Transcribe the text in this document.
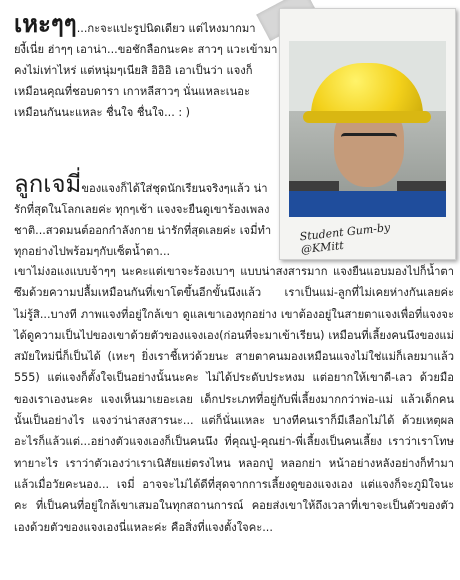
Student Gum-by
@KMitt
เหะๆๆ...กะจะแปะรูปนิดเดียว แต่ไหงมากมายงี้เนี่ย ฮ่าๆๆ เอาน่า...ขอชักลือกนะคะ สาวๆ แวะเข้ามาคงไม่เท่าไหร่ แต่หนุ่มๆเนียสิ อิอิอิ เอาเป็นว่า แจงก็เหมือนคุณที่ชอบดารา เกาหลีสาวๆ นั่นแหละเนอะ เหมือนกันนะแหละ ชื่นใจ ชื่นใจ... : )
ลูกเจมี่ของแจงก็ได้ใส่ชุดนักเรียนจริงๆแล้ว น่ารักที่สุดในโลกเลยค่ะ ทุกๆเช้า แจงจะยืนดูเขาร้องเพลงชาติ...สวดมนต์ออกกำลังกาย น่ารักที่สุดเลยค่ะ เจมี่ทำทุกอย่างไปพร้อมๆกับเซ็ตน้ำตา...
เขาไม่งอแงแบบจ้าๆๆ นะคะแต่เขาจะร้องเบาๆ แบบน่าสงสารมาก แจงยืนแอบมองไปก็น้ำตาซึมด้วยความปลื้มเหมือนกันที่เขาโตขึ้นอีกขั้นนึงแล้ว เราเป็นแม่-ลูกที่ไม่เคยห่างกันเลยค่ะ ไม่รู้สิ...บางที ภาพแจงที่อยู่ใกล้เขา ดูแลเขาเองทุกอย่าง เขาต้องอยู่ในสายตาแจงเพื่อที่แจงจะได้ดูความเป็นไปของเขาด้วยตัวของแจงเอง(ก่อนที่จะมาเข้าเรียน) เหมือนที่เลี้ยงคนนึงของแม่สมัยใหม่นี่ก็เป็นได้ (เหะๆ ยิ่งเราชี้เหว่ด้วยนะ สายตาคนมองเหมือนแจงไม่ใช่แม่ก็เลยมาแล้ว 555) แต่แจงก็ตั้งใจเป็นอย่างนั้นนะคะ ไม่ได้ประดับประหงม แต่อยากให้เขาดี-เลว ด้วยมือของเราเองนะคะ แจงเห็นมาเยอะเลย เด็กประเภทที่อยู่กับพี่เลี้ยงมากกว่าพ่อ-แม่ แล้วเด็กคนนั้นเป็นอย่างไร แจงว่าน่าสงสารนะ... แต่ก็นั่นแหละ บางทีคนเราก็มีเลือกไม่ได้ ด้วยเหตุผลอะไรก็แล้วแต่...อย่างตัวแจงเองก็เป็นคนนึง ที่คุณปู่-คุณย่า-พี่เลี้ยงเป็นคนเลี้ยง เราว่าเราโทษทายาะไร เราว่าตัวเองว่าเราเนิสัยแย่ตรงไหน หลอกปู่ หลอกย่า หน้าอย่างหลังอย่างก็ทำมาแล้วเมื่อวัยคะนอง... เจมี่ อาจจะไม่ได้ดีที่สุดจากการเลี้ยงดูของแจงเอง แต่แจงก็จะภูมิใจนะคะ ที่เป็นคนที่อยู่ใกล้เขาเสมอในทุกสถานการณ์ คอยส่งเขาให้ถึงเวลาที่เขาจะเป็นตัวของตัวเองด้วยตัวของแจงเองนี่แหละค่ะ คือสิ่งที่แจงตั้งใจคะ...
